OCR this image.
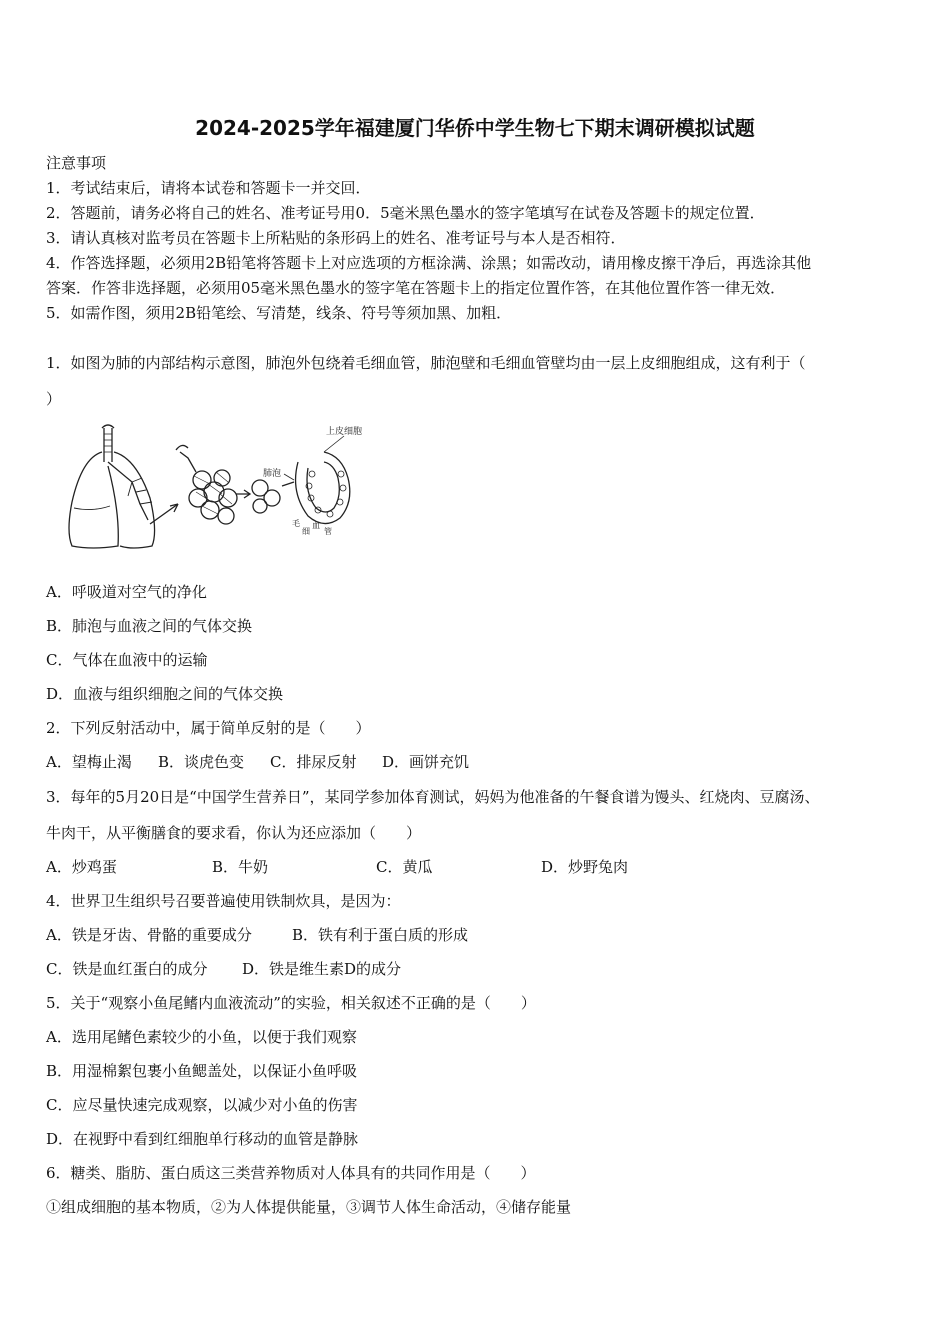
2024-2025学年福建厦门华侨中学生物七下期末调研模拟试题
注意事项
1．考试结束后，请将本试卷和答题卡一并交回．
2．答题前，请务必将自己的姓名、准考证号用0．5毫米黑色墨水的签字笔填写在试卷及答题卡的规定位置．
3．请认真核对监考员在答题卡上所粘贴的条形码上的姓名、准考证号与本人是否相符．
4．作答选择题，必须用2B铅笔将答题卡上对应选项的方框涂满、涂黑；如需改动，请用橡皮擦干净后，再选涂其他
答案．作答非选择题，必须用05毫米黑色墨水的签字笔在答题卡上的指定位置作答，在其他位置作答一律无效．
5．如需作图，须用2B铅笔绘、写清楚，线条、符号等须加黑、加粗．
1．如图为肺的内部结构示意图，肺泡外包绕着毛细血管，肺泡壁和毛细血管壁均由一层上皮细胞组成，这有利于（
）
肺泡
上皮细胞
毛
细
血
管
A．呼吸道对空气的净化
B．肺泡与血液之间的气体交换
C．气体在血液中的运输
D．血液与组织细胞之间的气体交换
2．下列反射活动中，属于简单反射的是（　　）
A．望梅止渴 B．谈虎色变 C．排尿反射 D．画饼充饥
3．每年的5月20日是“中国学生营养日”，某同学参加体育测试，妈妈为他准备的午餐食谱为馒头、红烧肉、豆腐汤、
牛肉干，从平衡膳食的要求看，你认为还应添加（　　）
A．炒鸡蛋	B．牛奶	C．黄瓜	D．炒野兔肉
4．世界卫生组织号召要普遍使用铁制炊具，是因为：
A．铁是牙齿、骨骼的重要成分	B．铁有利于蛋白质的形成
C．铁是血红蛋白的成分 D．铁是维生素D的成分
5．关于“观察小鱼尾鳍内血液流动”的实验，相关叙述不正确的是（　　）
A．选用尾鳍色素较少的小鱼，以便于我们观察
B．用湿棉絮包裹小鱼鳃盖处，以保证小鱼呼吸
C．应尽量快速完成观察，以减少对小鱼的伤害
D．在视野中看到红细胞单行移动的血管是静脉
6．糖类、脂肪、蛋白质这三类营养物质对人体具有的共同作用是（　　）
①组成细胞的基本物质，②为人体提供能量，③调节人体生命活动，④储存能量
